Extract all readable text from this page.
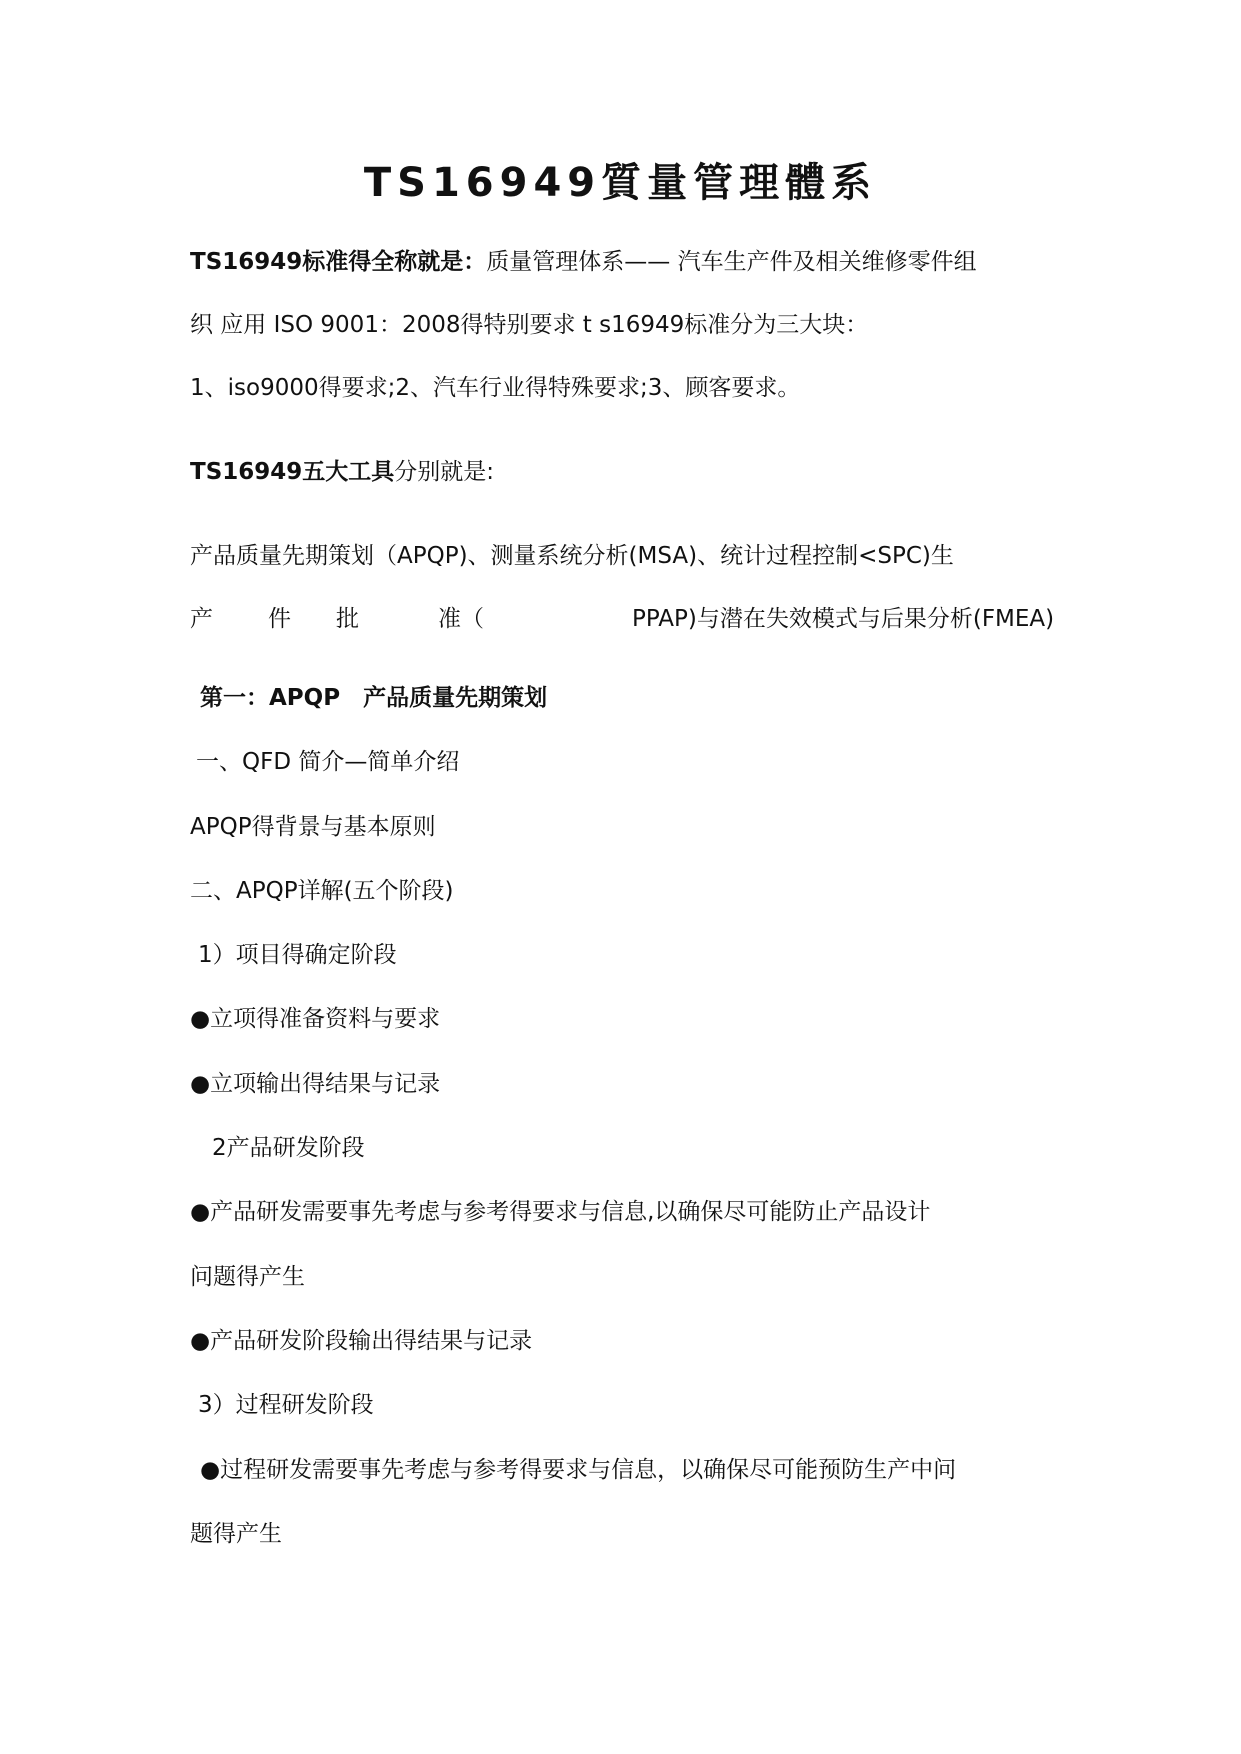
TS16949質量管理體系
TS16949标准得全称就是：质量管理体系—— 汽车生产件及相关维修零件组
织 应用 ISO 9001：2008得特别要求 t s16949标准分为三大块：
1、iso9000得要求;2、汽车行业得特殊要求;3、顾客要求。
TS16949五大工具分别就是:
产品质量先期策划（APQP)、测量系统分析(MSA)、统计过程控制<SPC)生
产 件 批	准（	PPAP)与潜在失效模式与后果分析(FMEA)
第一：APQP　产品质量先期策划
一、QFD 简介—简单介绍
APQP得背景与基本原则
二、APQP详解(五个阶段)
1）项目得确定阶段
●立项得准备资料与要求
●立项输出得结果与记录
2产品研发阶段
●产品研发需要事先考虑与参考得要求与信息,以确保尽可能防止产品设计
问题得产生
●产品研发阶段输出得结果与记录
3）过程研发阶段
●过程研发需要事先考虑与参考得要求与信息，以确保尽可能预防生产中问
题得产生
